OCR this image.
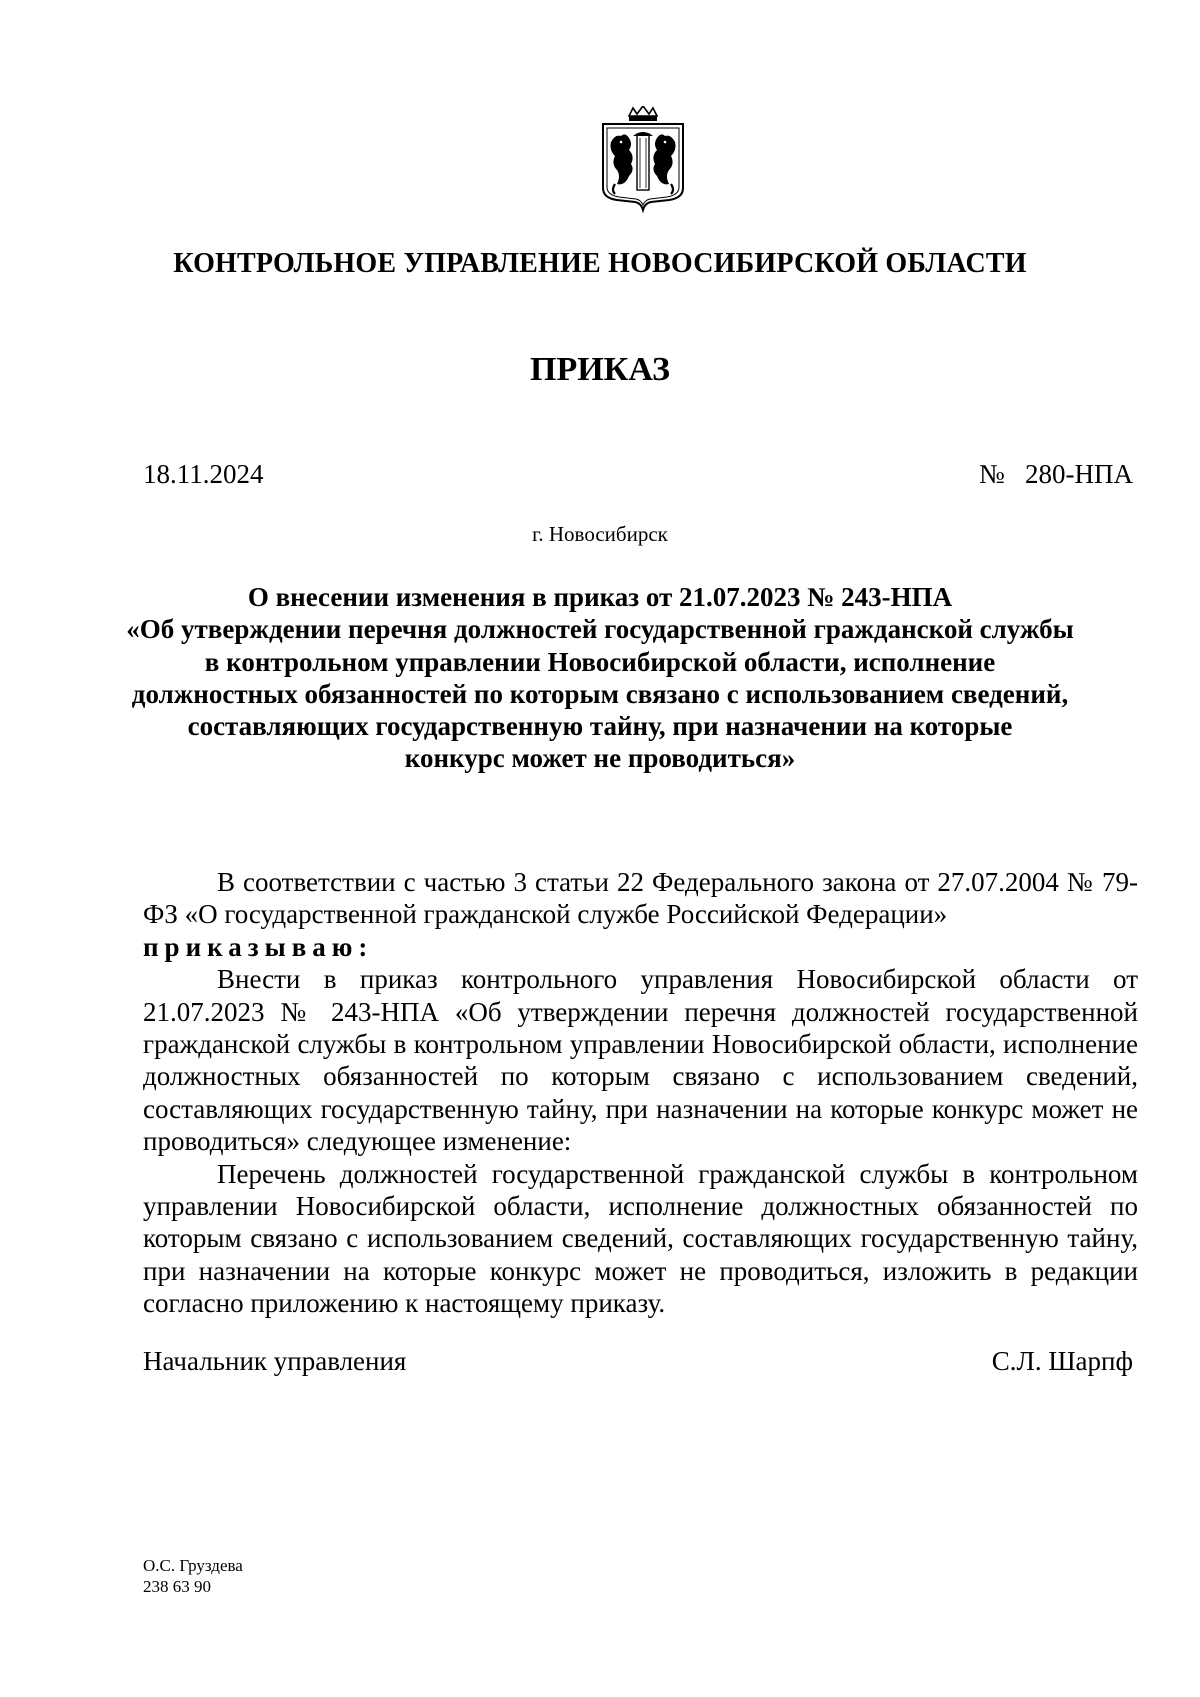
КОНТРОЛЬНОЕ УПРАВЛЕНИЕ НОВОСИБИРСКОЙ ОБЛАСТИ
ПРИКАЗ
18.11.2024	№   280-НПА
г. Новосибирск
О внесении изменения в приказ от 21.07.2023 № 243-НПА
«Об утверждении перечня должностей государственной гражданской службы
в контрольном управлении Новосибирской области, исполнение
должностных обязанностей по которым связано с использованием сведений,
составляющих государственную тайну, при назначении на которые
конкурс может не проводиться»

В соответствии с частью 3 статьи 22 Федерального закона от 27.07.2004 № 79-ФЗ «О государственной гражданской службе Российской Федерации»

приказываю:

Внести в приказ контрольного управления Новосибирской области от 21.07.2023 № 243-НПА «Об утверждении перечня должностей государственной гражданской службы в контрольном управлении Новосибирской области, исполнение должностных обязанностей по которым связано с использованием сведений, составляющих государственную тайну, при назначении на которые конкурс может не проводиться» следующее изменение:

Перечень должностей государственной гражданской службы в контрольном управлении Новосибирской области, исполнение должностных обязанностей по которым связано с использованием сведений, составляющих государственную тайну, при назначении на которые конкурс может не проводиться, изложить в редакции согласно приложению к настоящему приказу.

Начальник управления	С.Л. Шарпф
О.С. Груздева
238 63 90
